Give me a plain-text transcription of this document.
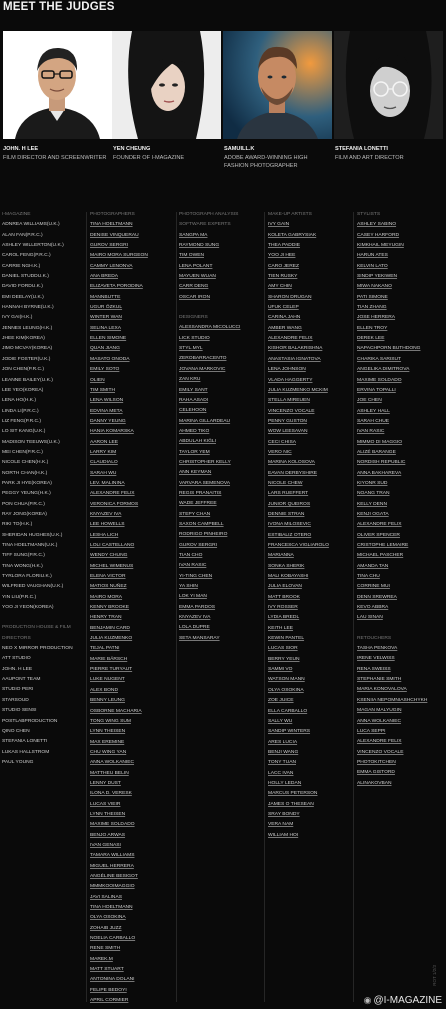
MEET THE JUDGES
JOHN. H LEE
FILM DIRECTOR AND SCREENWRITER
YEN CHEUNG
FOUNDER OF I-MAGAZINE
SAMUILL.K
ADOBE AWARD-WINNING HIGH FASHION PHOTOGRAPHER
STEFANIA LONETTI
FILM AND ART DIRECTOR
I-MAGAZINE
ADNREA WILLIAMS(U.K.)
ALAN FAN(P.R.C.)
ASHLEY WILLERTON(U.K.)
CAROL FENG(P.R.C.)
CARRIE NGH.K.)
DANIEL STUDDU.K.)
DAVID FORDU.K.)
EMI DEELAY(U.K.)
HANNAH BYRNE(U.K.)
IVY GAI(H.K.)
JENNES LEUNG(H.K.)
JHEE KIM(KOREA)
JIMO MCVAY(KOREA)
JODIE FOSTER(U.K.)
JON CHEN(P.R.C.)
LEANNE BAILEY(U.K.)
LEE YEO(KOREA)
LENA HO(H.K.)
LINDA LI(P.R.C.)
LIZ FENG(P.R.C.)
LO SIT KANG(U.K.)
MADISON TEEUWS(U.K.)
MEI CHEN(P.R.C.)
NICOLE CHEN(H.K.)
NORTH CHAN(H.K.)
PARK JI HYE(KOREA)
PEGGY YEUNG(H.K.)
PON CHUA(P.R.C.)
RAY JONG(KOREA)
RIKI TO(H.K.)
SHERIDAN HUGHES(U.K.)
TINA HOELTMANN(U.K.)
TIFF SUNG(P.R.C.)
TINA WONG(H.K.)
TYRLORA FLORIU.K.)
WILFRIED VAUGHAN(U.K.)
YIN LIU(P.R.C.)
YOO JI YEON(KOREA)
PRODUCTION HOUSE & FILM DIRECTORS
NEO X MIRROR PRODUCTION
ATT STUDIO
JOHN. H LEE
AAUPONT TEAM
STUDIO PERI
STARSOUD
STUDIO SENSI
POSTLABPRODUCTION
QINO CHEN
STEFANIA LONETTI
LUKAS HALLSTROM
PAUL YOUNG
PHOTOGRAPHERS
TINA HOELTMANN
DENISE VINQUERAU
GUROV SERGRI
MAIRO MORA SURGEON
CAMMY LENONVA
ANA BREDA
ELIZAVETA PORODINA
MANNBUTTE
UGUR ÖZKUL
WINTER WAN
SELINA LEXA
ELLEN SIMONE
QUAN JIANG
MASATO ONODA
EMILY SOTO
OLIEN
TIM SMITH
LENA WILSON
EDVINA META
DANNY YEUNG
HANIA KOMARSKA
AARON LEE
LARRY KIM
CLAUDIALO
SARAH WU
LEV. MALININA
ALEXANDRE FELIX
VERONICA FORMOS
KNYAZEV IVA
LEE HOWELLS
LESHA LICH
LOLI CASTELLANO
WENDY CHUNG
MICHEL WIMENUS
ELENA VICTOR
MATIOS NUÑEZ
MAIRO MORA
KENNY BROOKE
HENRY TRAN
BENJAMIN CARD
JULIA KUZMENKO
TEJAL PATNI
MARIE BÄRSCH
PIERRE TURYAUT
LUKE NUGENT
ALEX BOND
BENNY LEUNG
OSBORNE MACHARIA
TONG WING SUM
LYNN THEISEN
MAX EREMINE
CHU WING YAN
ANNA WOLKANIEC
MATTHEU BELIN
LENNY DUST
ILONA D. VERESK
LUCAS VIEIR
LYNN THEISEN
MAXIME SOLDADO
BENJO ARWAS
IVAN GENASI
TAMARA WILLIAMS
MIGUEL HERRERA
ANGÉLINE BESIGOT
MMMKOOIMAGGIO
JAVI SALINAS
TINA HOELTMANN
OLYA OSOKINA
ZOHAIB JUZZ
NOELIA CARBALLO
RENE SMITH
MAREK.M
MATT STUART
ANTONINA DOLANI
FELIPE BEDOYI
APRIL CORMIER
PHOTOGRAPH ANALYSIS SOFTWARE EXPERTS
SANGPA MA
RAYMOND SUNG
TIM OWEN
LENA POLANT
MAYUEN WUAN
CARR DENG
OSCAR IRON
DESIGNERS
ALESSANDRA MICOLUCCI
LICK STUDIO
STYL.MYL
ZEROBARRACENTO
JOVANA MARKOVIC
ZAN KRU
EMILY SANT
RAHA ASADI
CELEHOON
MARINA GILLARDEAU
AHMED TIKO
ABDULAH KIĞLI
TAYLOR YEM
CHRISTOPHER KELLY
ANN KEYMAN
VARVARA SEMENOVA
REGIS PRANAITIS
WADE JEFFREE
STEPY CHAN
SAXON CAMPBELL
RODRIGO PINHEIRO
GUROV SERGRI
TIAN CHO
IVAN RASIC
YI-TING CHEN
YA SHIN
LOK YI MAN
EMMA PARDOS
KNYAZEV IVA
LOLA DUPRE
SETA MANSARAY
MAKE-UP ARTISTS
IVY GAIN
KOLETA GABRYSIAK
THEA PADDIE
YOO JI HEE
CARO JEREZ
TIEN RUSKY
AMY CHIN
SHARON DRUGAN
UFUK CELEP
CARINA JAHN
AMBER WANG
ALEXANDRE FELIX
KISHOR BALAKRISHNA
ANASTASIA IGNATOVA
LENA JOHNSON
VLADA HAGGERTY
JULIA KUZMENKO MCKIM
STELLA MIREUEN
VINCENZO VOCALE
PENNY GUSTON
WOW LEESAVAN
CECI CHISA
VERO NIC
MARINA KOLOSOVA
EAVAN DERBYSHIRE
NICOLE CHEW
LARS RUEFFERT
JUNIOR QUEIROS
DENNIE STRAN
IVONA MILOSEVIC
ESTIBALIZ OTERO
FRANCESCA VIGLIAROLO
MARIANNA
SONKA SHERIK
MALI KOBAYASHI
JULIA ELOVAN
MATT BROOK
IVY ROSSER
LYDIA BREDL
KEITH LEE
KEWIN PANTEL
LUCAS SIOR
BERRY YEUN
SAMMI VO
WATSON MANN
OLYA OSOKINA
ZOE JUICE
ELLA CARBALLO
SALLY WU
SANDIP WINTERS
ARES LUCIA
BENJI WANG
TONY TUAN
LACC IVAN
HOLLY LEDAN
MARCUS PETERSON
JAMES O THESEAN
SRAY BONDY
VERA NAM
WILLIAM HOI
STYLISTS
ASHLEY SABINO
CASEY HARFORD
KIMKHAIL MEYUGIN
HARUN ATES
KELVIN LATO
SINDIP YEKIWEN
MIWA NAKANO
PATI SIMONE
TIAN ZHANG
JOSE HERRERA
ELLEN TROY
DEREK LEE
NAPACHPORN BUTHDONG
CHARIKA SARISUT
ANGELIKA DIMITROVA
MAXIME SOLDADO
ERVINA TOPALLI
JOE CHEN
ASHLEY HALL
SARAH CHUE
IVAN RASIC
MIMMO DI MAGGIO
ALIZÉ BARANGE
NORDISH REPUBLIC
ANNA BAKHAREVA
KIYONR SUD
NOANG TRAN
KELLY DENN
KENJI OGATA
ALEXANDRE FELIX
OLIVER SPENCER
CRISTOPHE LEMAIRE
MICHAEL PASCHER
AMANDA TAN
TINA CHU
CORRINE MUI
DENN SREWREA
KEVO ABBRA
LAU SINAN
RETOUCHERS
TASHA PENKOVA
IRENE VELWISS
RENA SWEISS
STEPHANIE SMITH
MARIA KONOVALOVA
KSENIIA NEPOMNIASHCHYKH
MAGAN MALYUGIN
ANNA WOLKANIEC
LUCA SEPPI
ALEXANDRE FELIX
VINCENZO VOCALE
PHOTOKITCHEN
EMMA GISTORD
ALINAKOVBAN
ROT 1/2/3
◉ @I-MAGAZINE
